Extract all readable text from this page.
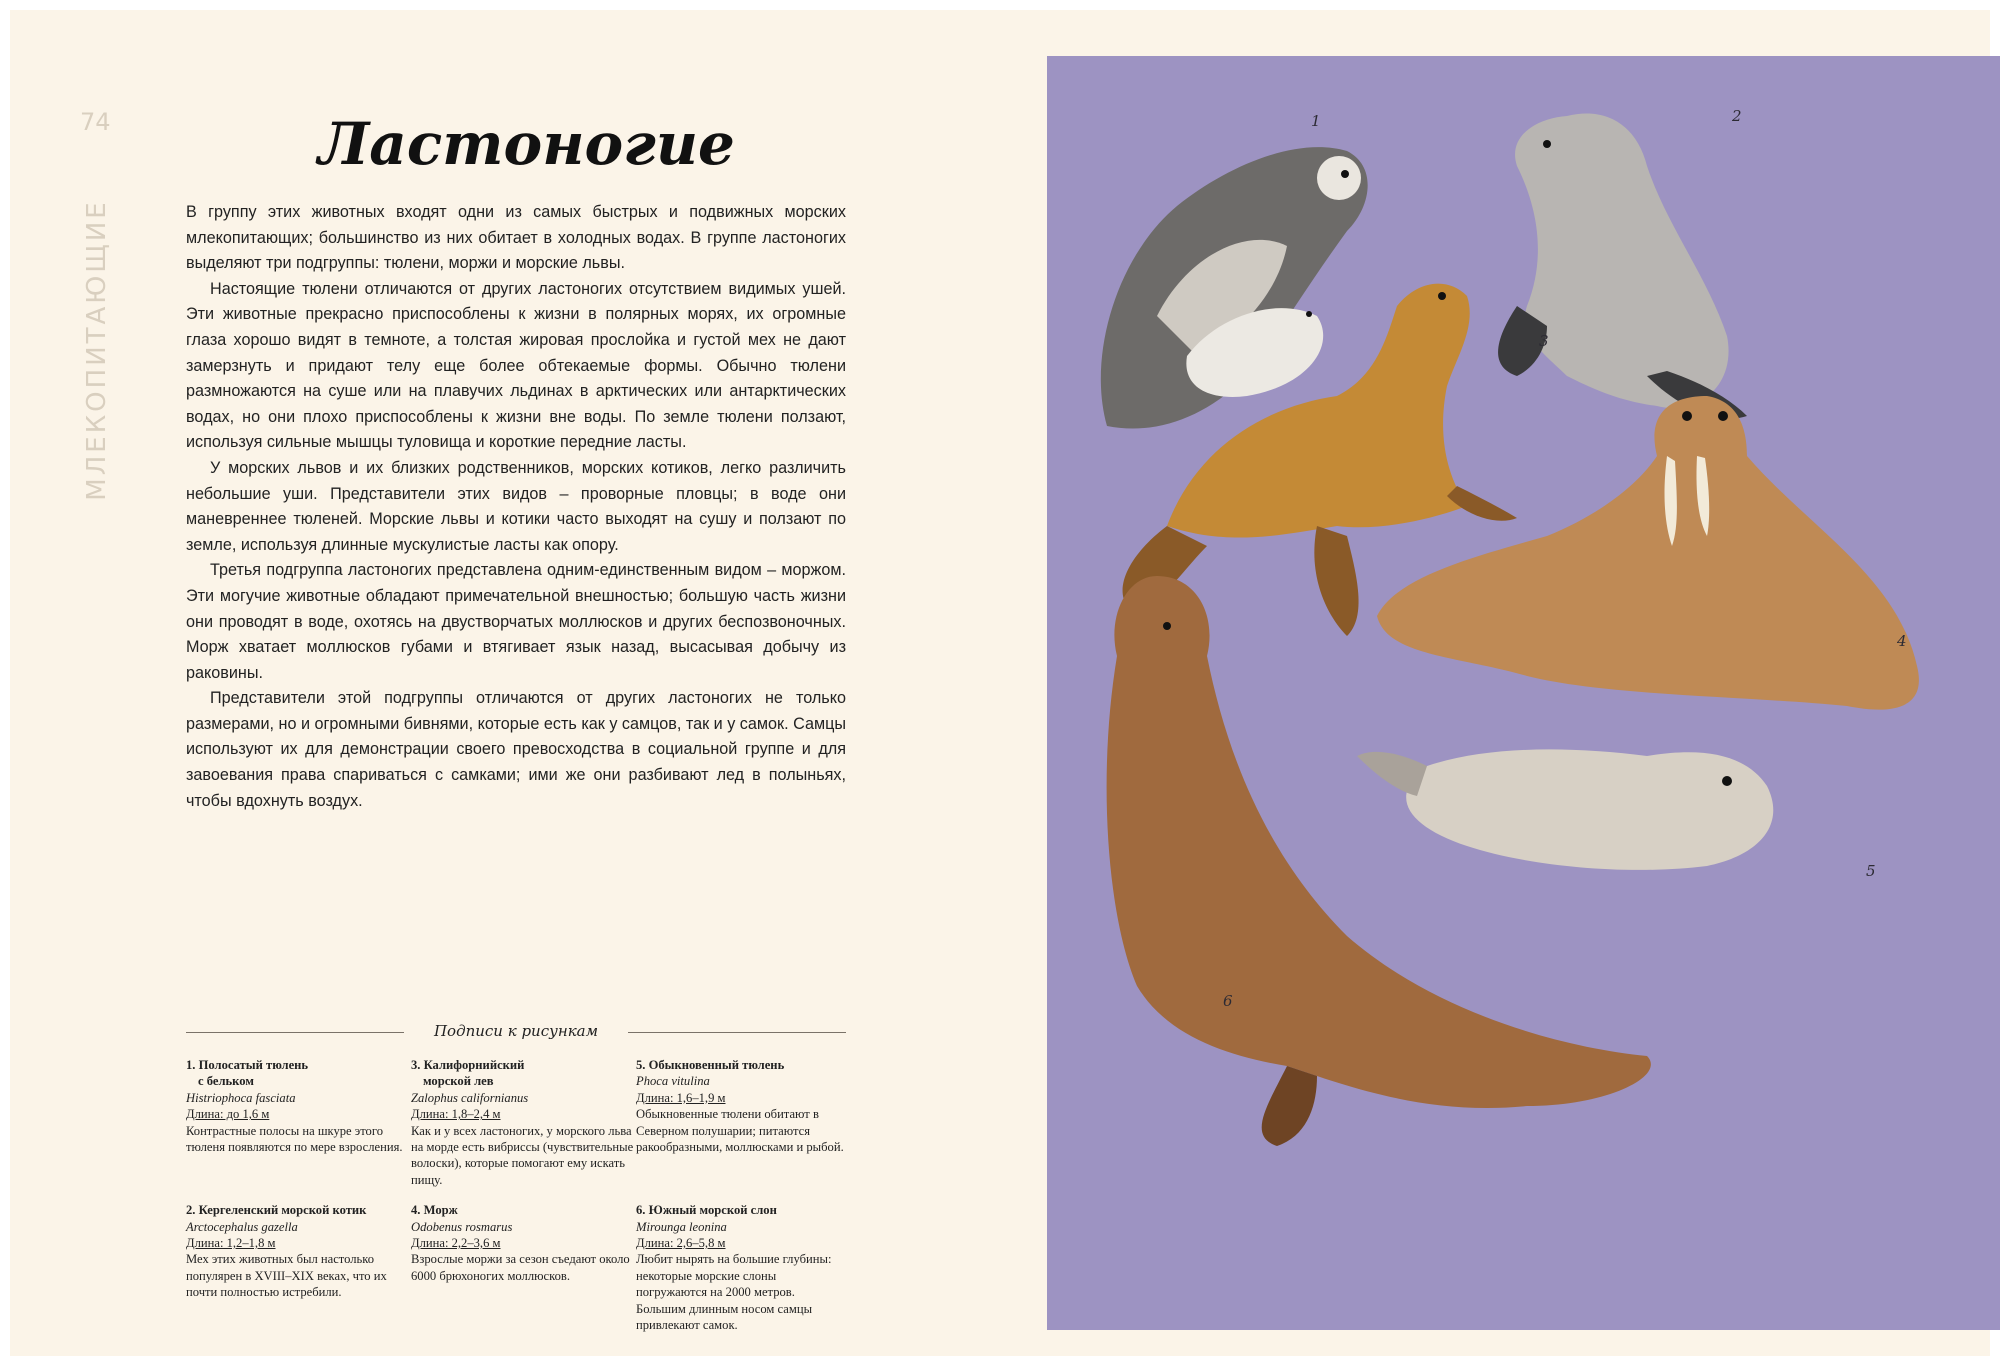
74
МЛЕКОПИТАЮЩИЕ
Ластоногие

В группу этих животных входят одни из самых быстрых и подвижных морских млекопитающих; большинство из них обитает в холодных водах. В группе ластоногих выделяют три подгруппы: тюлени, моржи и морские львы.

Настоящие тюлени отличаются от других ластоногих отсутствием видимых ушей. Эти животные прекрасно приспособлены к жизни в полярных морях, их огромные глаза хорошо видят в темноте, а толстая жировая прослойка и густой мех не дают замерзнуть и придают телу еще более обтекаемые формы. Обычно тюлени размножаются на суше или на плавучих льдинах в арктических или антарктических водах, но они плохо приспособлены к жизни вне воды. По земле тюлени ползают, используя сильные мышцы туловища и короткие передние ласты.

У морских львов и их близких родственников, морских котиков, легко различить небольшие уши. Представители этих видов – проворные пловцы; в воде они маневреннее тюленей. Морские львы и котики часто выходят на сушу и ползают по земле, используя длинные мускулистые ласты как опору.

Третья подгруппа ластоногих представлена одним-единственным видом – моржом. Эти могучие животные обладают примечательной внешностью; большую часть жизни они проводят в воде, охотясь на двустворчатых моллюсков и других беспозвоночных. Морж хватает моллюсков губами и втягивает язык назад, высасывая добычу из раковины.

Представители этой подгруппы отличаются от других ластоногих не только размерами, но и огромными бивнями, которые есть как у самцов, так и у самок. Самцы используют их для демонстрации своего превосходства в социальной группе и для завоевания права спариваться с самками; ими же они разбивают лед в полыньях, чтобы вдохнуть воздух.

Подписи к рисункам
1. Полосатый тюлень
с бельком
Histriophoca fasciata
Длина: до 1,6 м
Контрастные полосы на шкуре этого тюленя появляются по мере взросления.
3. Калифорнийский
морской лев
Zalophus californianus
Длина: 1,8–2,4 м
Как и у всех ластоногих, у морского льва на морде есть вибриссы (чувствительные волоски), которые помогают ему искать пищу.
5. Обыкновенный тюлень
Phoca vitulina
Длина: 1,6–1,9 м
Обыкновенные тюлени обитают в Северном полушарии; питаются ракообразными, моллюсками и рыбой.
2. Кергеленский морской котик
Arctocephalus gazella
Длина: 1,2–1,8 м
Мех этих животных был настолько популярен в XVIII–XIX веках, что их почти полностью истребили.
4. Морж
Odobenus rosmarus
Длина: 2,2–3,6 м
Взрослые моржи за сезон съедают около 6000 брюхоногих моллюсков.
6. Южный морской слон
Mirounga leonina
Длина: 2,6–5,8 м
Любит нырять на большие глубины: некоторые морские слоны погружаются на 2000 метров. Большим длинным носом самцы привлекают самок.
1	2
3
4
5
6
